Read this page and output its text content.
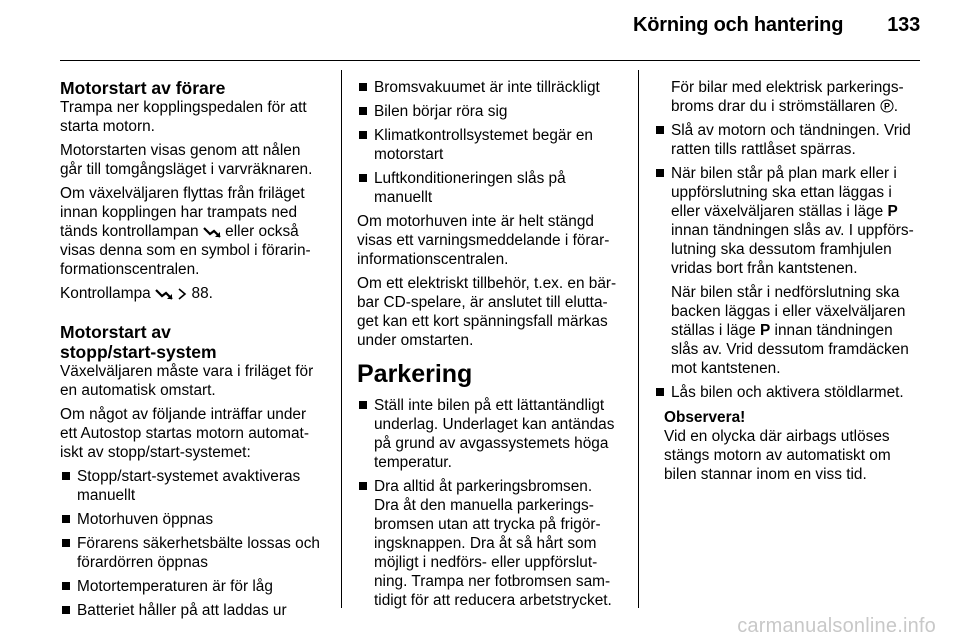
Körning och hantering 133
Motorstart av förare

Trampa ner kopplingspedalen för att starta motorn.

Motorstarten visas genom att nålen går till tomgångsläget i varvräknaren.

Om växelväljaren flyttas från friläget innan kopplingen har trampats ned tänds kontrollampan eller också visas denna som en symbol i förarin-formationscentralen.

Kontrollampa	88.

Motorstart av
stopp/start-system

Växelväljaren måste vara i friläget för en automatisk omstart.

Om något av följande inträffar under ett Autostop startas motorn automat-iskt av stopp/start-systemet:

Stopp/start-systemet avaktiveras manuellt
Motorhuven öppnas
Förarens säkerhetsbälte lossas och förardörren öppnas
Motortemperaturen är för låg
Batteriet håller på att laddas ur
Bromsvakuumet är inte tillräckligt
Bilen börjar röra sig
Klimatkontrollsystemet begär en motorstart
Luftkonditioneringen slås på manuellt

Om motorhuven inte är helt stängd visas ett varningsmeddelande i förar-informationscentralen.

Om ett elektriskt tillbehör, t.ex. en bär-bar CD-spelare, är anslutet till elutta-get kan ett kort spänningsfall märkas under omstarten.

Parkering
Ställ inte bilen på ett lättantändligt underlag. Underlaget kan antändas på grund av avgassystemets höga temperatur.
Dra alltid åt parkeringsbromsen. Dra åt den manuella parkerings-bromsen utan att trycka på frigör-ingsknappen. Dra åt så hårt som möjligt i nedförs- eller uppförslut-ning. Trampa ner fotbromsen sam-tidigt för att reducera arbetstrycket.

För bilar med elektrisk parkerings-broms drar du i strömställaren P .

Slå av motorn och tändningen. Vrid ratten tills rattlåset spärras.
När bilen står på plan mark eller i uppförslutning ska ettan läggas i eller växelväljaren ställas i läge P innan tändningen slås av. I uppförs-lutning ska dessutom framhjulen vridas bort från kantstenen.
När bilen står i nedförslutning ska backen läggas i eller växelväljaren ställas i läge P innan tändningen slås av. Vrid dessutom framdäcken mot kantstenen.
Lås bilen och aktivera stöldlarmet.
Observera!
Vid en olycka där airbags utlöses stängs motorn av automatiskt om bilen stannar inom en viss tid.
carmanualsonline.info
